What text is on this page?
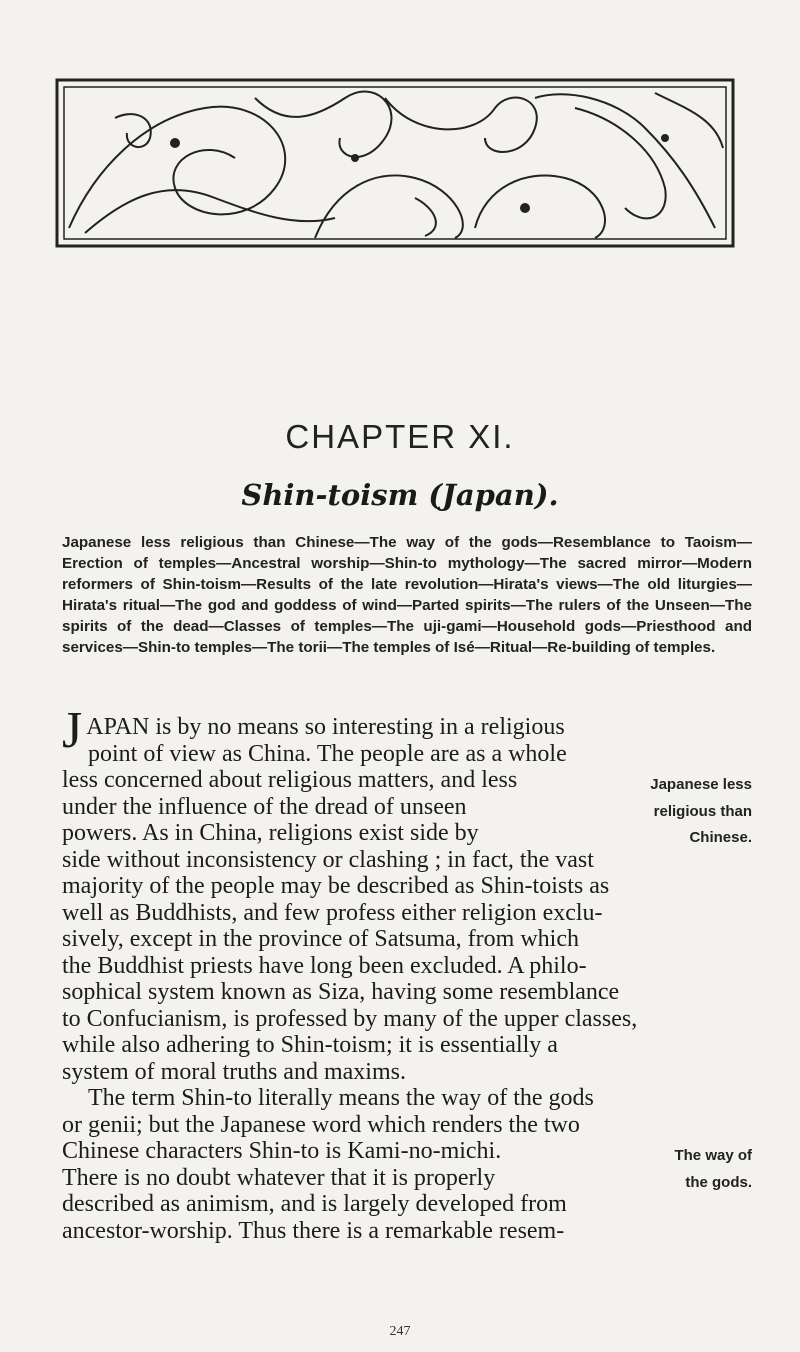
CHAPTER XI.
Shin-toism (Japan).
Japanese less religious than Chinese—The way of the gods—Resemblance to Taoism—Erection of temples—Ancestral worship—Shin-to mythology—The sacred mirror—Modern reformers of Shin-toism—Results of the late revolution—Hirata's views—The old liturgies—Hirata's ritual—The god and goddess of wind—Parted spirits—The rulers of the Unseen—The spirits of the dead—Classes of temples—The uji-gami—Household gods—Priesthood and services—Shin-to temples—The torii—The temples of Isé—Ritual—Re-building of temples.
JAPAN is by no means so interesting in a religious
point of view as China. The people are as a whole
less concerned about religious matters, and less	Japanese less
under the influence of the dread of unseen	religious than
powers. As in China, religions exist side by	Chinese.
side without inconsistency or clashing ; in fact, the vast
majority of the people may be described as Shin-toists as
well as Buddhists, and few profess either religion exclu-
sively, except in the province of Satsuma, from which
the Buddhist priests have long been excluded. A philo-
sophical system known as Siza, having some resemblance
to Confucianism, is professed by many of the upper classes,
while also adhering to Shin-toism; it is essentially a
system of moral truths and maxims.
The term Shin-to literally means the way of the gods
or genii; but the Japanese word which renders the two
Chinese characters Shin-to is Kami-no-michi.	The way of
There is no doubt whatever that it is properly	the gods.
described as animism, and is largely developed from
ancestor-worship. Thus there is a remarkable resem-
247
